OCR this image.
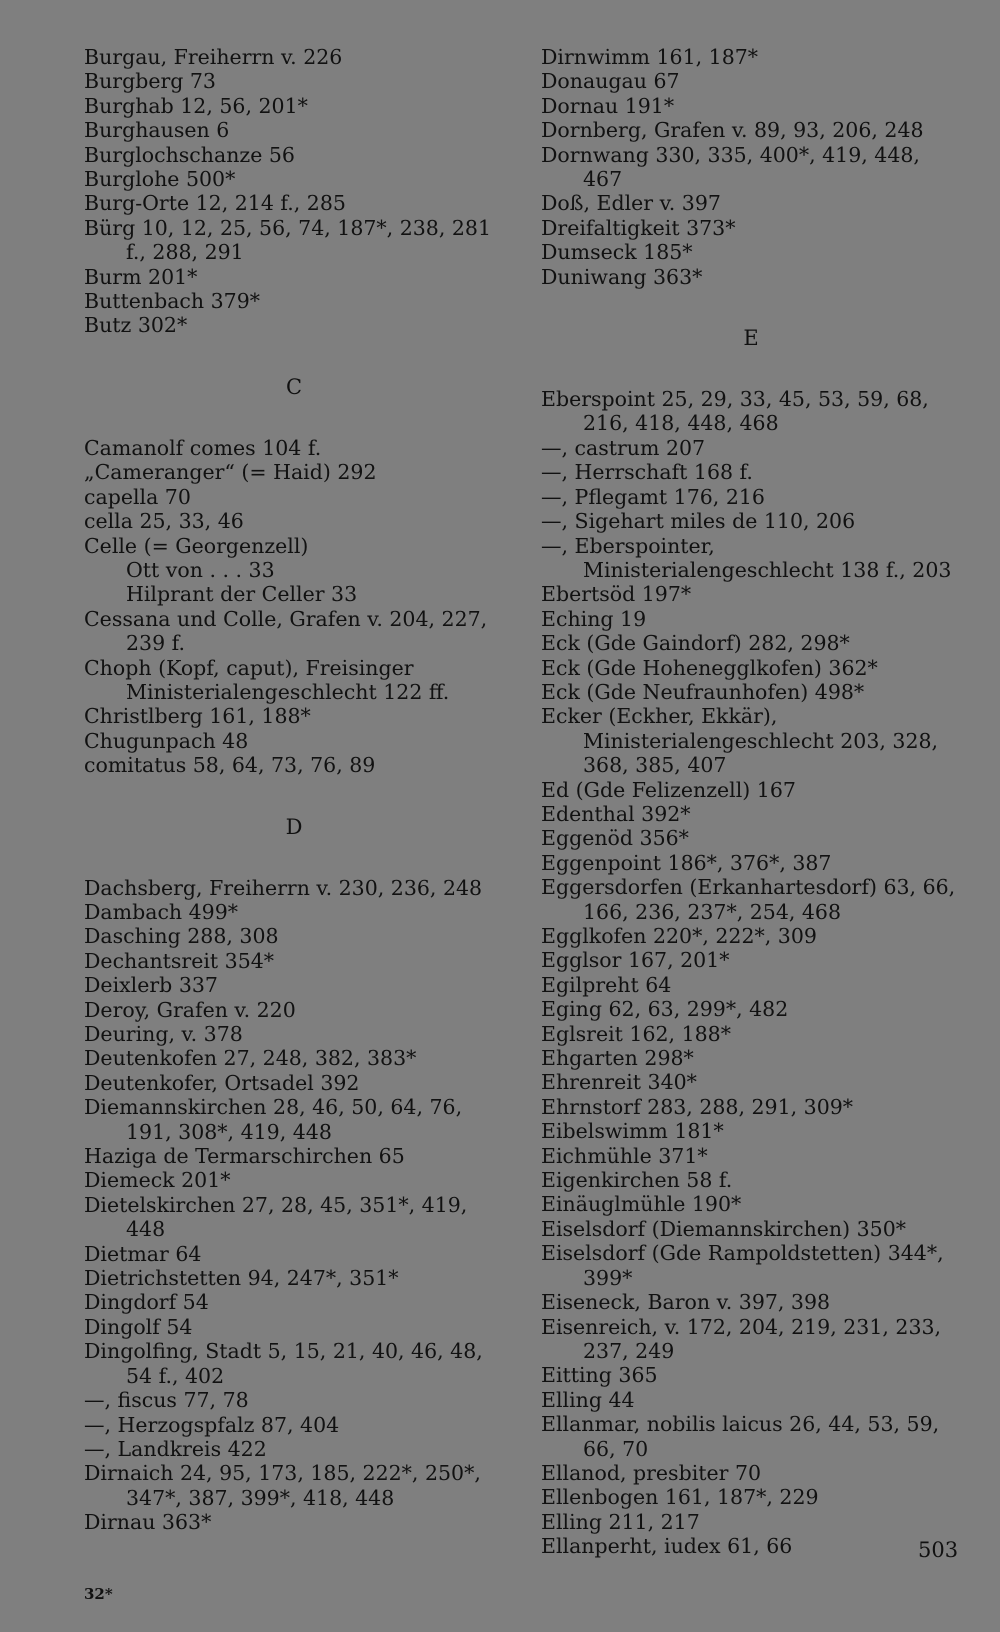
Burgau, Freiherrn v. 226
Burgberg 73
Burghab 12, 56, 201*
Burghausen 6
Burglochschanze 56
Burglohe 500*
Burg-Orte 12, 214 f., 285
Bürg 10, 12, 25, 56, 74, 187*, 238, 281 f., 288, 291
Burm 201*
Buttenbach 379*
Butz 302*
C
Camanolf comes 104 f.
„Cameranger“ (= Haid) 292
capella 70
cella 25, 33, 46
Celle (= Georgenzell)
Ott von . . . 33
Hilprant der Celler 33
Cessana und Colle, Grafen v. 204, 227, 239 f.
Choph (Kopf, caput), Freisinger Ministerialengeschlecht 122 ff.
Christlberg 161, 188*
Chugunpach 48
comitatus 58, 64, 73, 76, 89
D
Dachsberg, Freiherrn v. 230, 236, 248
Dambach 499*
Dasching 288, 308
Dechantsreit 354*
Deixlerb 337
Deroy, Grafen v. 220
Deuring, v. 378
Deutenkofen 27, 248, 382, 383*
Deutenkofer, Ortsadel 392
Diemannskirchen 28, 46, 50, 64, 76, 191, 308*, 419, 448
Haziga de Termarschirchen 65
Diemeck 201*
Dietelskirchen 27, 28, 45, 351*, 419, 448
Dietmar 64
Dietrichstetten 94, 247*, 351*
Dingdorf 54
Dingolf 54
Dingolfing, Stadt 5, 15, 21, 40, 46, 48, 54 f., 402
—, fiscus 77, 78
—, Herzogspfalz 87, 404
—, Landkreis 422
Dirnaich 24, 95, 173, 185, 222*, 250*, 347*, 387, 399*, 418, 448
Dirnau 363*
Dirnwimm 161, 187*
Donaugau 67
Dornau 191*
Dornberg, Grafen v. 89, 93, 206, 248
Dornwang 330, 335, 400*, 419, 448, 467
Doß, Edler v. 397
Dreifaltigkeit 373*
Dumseck 185*
Duniwang 363*
E
Eberspoint 25, 29, 33, 45, 53, 59, 68, 216, 418, 448, 468
—, castrum 207
—, Herrschaft 168 f.
—, Pflegamt 176, 216
—, Sigehart miles de 110, 206
—, Eberspointer, Ministerialengeschlecht 138 f., 203
Ebertsöd 197*
Eching 19
Eck (Gde Gaindorf) 282, 298*
Eck (Gde Hohenegglkofen) 362*
Eck (Gde Neufraunhofen) 498*
Ecker (Eckher, Ekkär), Ministerialengeschlecht 203, 328, 368, 385, 407
Ed (Gde Felizenzell) 167
Edenthal 392*
Eggenöd 356*
Eggenpoint 186*, 376*, 387
Eggersdorfen (Erkanhartesdorf) 63, 66, 166, 236, 237*, 254, 468
Egglkofen 220*, 222*, 309
Egglsor 167, 201*
Egilpreht 64
Eging 62, 63, 299*, 482
Eglsreit 162, 188*
Ehgarten 298*
Ehrenreit 340*
Ehrnstorf 283, 288, 291, 309*
Eibelswimm 181*
Eichmühle 371*
Eigenkirchen 58 f.
Einäuglmühle 190*
Eiselsdorf (Diemannskirchen) 350*
Eiselsdorf (Gde Rampoldstetten) 344*, 399*
Eiseneck, Baron v. 397, 398
Eisenreich, v. 172, 204, 219, 231, 233, 237, 249
Eitting 365
Elling 44
Ellanmar, nobilis laicus 26, 44, 53, 59, 66, 70
Ellanod, presbiter 70
Ellenbogen 161, 187*, 229
Elling 211, 217
Ellanperht, iudex 61, 66	503
32*
